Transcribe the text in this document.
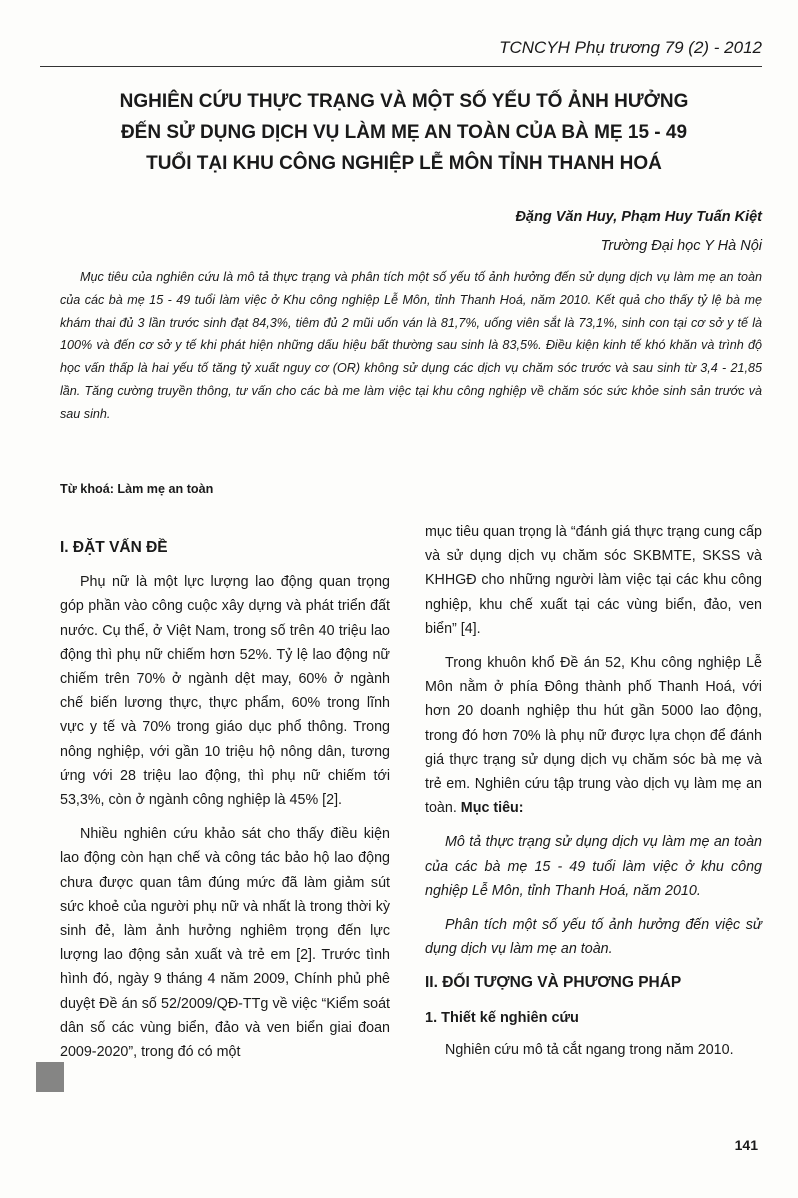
TCNCYH Phụ trương 79 (2) - 2012
NGHIÊN CỨU THỰC TRẠNG VÀ MỘT SỐ YẾU TỐ ẢNH HƯỞNG
ĐẾN SỬ DỤNG DỊCH VỤ LÀM MẸ AN TOÀN CỦA BÀ MẸ 15 - 49
TUỔI TẠI KHU CÔNG NGHIỆP LỄ MÔN TỈNH THANH HOÁ
Đặng Văn Huy, Phạm Huy Tuấn Kiệt
Trường Đại học Y Hà Nội
Mục tiêu của nghiên cứu là mô tả thực trạng và phân tích một số yếu tố ảnh hưởng đến sử dụng dịch vụ làm mẹ an toàn của các bà mẹ 15 - 49 tuổi làm việc ở Khu công nghiệp Lễ Môn, tỉnh Thanh Hoá, năm 2010. Kết quả cho thấy tỷ lệ bà mẹ khám thai đủ 3 lần trước sinh đạt 84,3%, tiêm đủ 2 mũi uốn ván là 81,7%, uống viên sắt là 73,1%, sinh con tại cơ sở y tế là 100% và đến cơ sở y tế khi phát hiện những dấu hiệu bất thường sau sinh là 83,5%. Điều kiện kinh tế khó khăn và trình độ học vấn thấp là hai yếu tố tăng tỷ xuất nguy cơ (OR) không sử dụng các dịch vụ chăm sóc trước và sau sinh từ 3,4 - 21,85 lần. Tăng cường truyền thông, tư vấn cho các bà me làm việc tại khu công nghiệp về chăm sóc sức khỏe sinh sản trước và sau sinh.
Từ khoá: Làm mẹ an toàn
I. ĐẶT VẤN ĐỀ

Phụ nữ là một lực lượng lao động quan trọng góp phần vào công cuộc xây dựng và phát triển đất nước. Cụ thể, ở Việt Nam, trong số trên 40 triệu lao động thì phụ nữ chiếm hơn 52%. Tỷ lệ lao động nữ chiếm trên 70% ở ngành dệt may, 60% ở ngành chế biến lương thực, thực phẩm, 60% trong lĩnh vực y tế và 70% trong giáo dục phổ thông. Trong nông nghiệp, với gần 10 triệu hộ nông dân, tương ứng với 28 triệu lao động, thì phụ nữ chiếm tới 53,3%, còn ở ngành công nghiệp là 45% [2].

Nhiều nghiên cứu khảo sát cho thấy điều kiện lao động còn hạn chế và công tác bảo hộ lao động chưa được quan tâm đúng mức đã làm giảm sút sức khoẻ của người phụ nữ và nhất là trong thời kỳ sinh đẻ, làm ảnh hưởng nghiêm trọng đến lực lượng lao động sản xuất và trẻ em [2]. Trước tình hình đó, ngày 9 tháng 4 năm 2009, Chính phủ phê duyệt Đề án số 52/2009/QĐ-TTg về việc “Kiểm soát dân số các vùng biển, đảo và ven biển giai đoan 2009-2020”, trong đó có một

mục tiêu quan trọng là “đánh giá thực trạng cung cấp và sử dụng dịch vụ chăm sóc SKBMTE, SKSS và KHHGĐ cho những người làm việc tại các khu công nghiệp, khu chế xuất tại các vùng biển, đảo, ven biển” [4].

Trong khuôn khổ Đề án 52, Khu công nghiệp Lễ Môn nằm ở phía Đông thành phố Thanh Hoá, với hơn 20 doanh nghiệp thu hút gần 5000 lao động, trong đó hơn 70% là phụ nữ được lựa chọn để đánh giá thực trạng sử dụng dịch vụ chăm sóc bà mẹ và trẻ em. Nghiên cứu tập trung vào dịch vụ làm mẹ an toàn. Mục tiêu:

Mô tả thực trạng sử dụng dịch vụ làm mẹ an toàn của các bà mẹ 15 - 49 tuổi làm việc ở khu công nghiệp Lễ Môn, tỉnh Thanh Hoá, năm 2010.

Phân tích một số yếu tố ảnh hưởng đến việc sử dụng dịch vụ làm mẹ an toàn.

II. ĐỐI TƯỢNG VÀ PHƯƠNG PHÁP
1. Thiết kế nghiên cứu

Nghiên cứu mô tả cắt ngang trong năm 2010.

141
